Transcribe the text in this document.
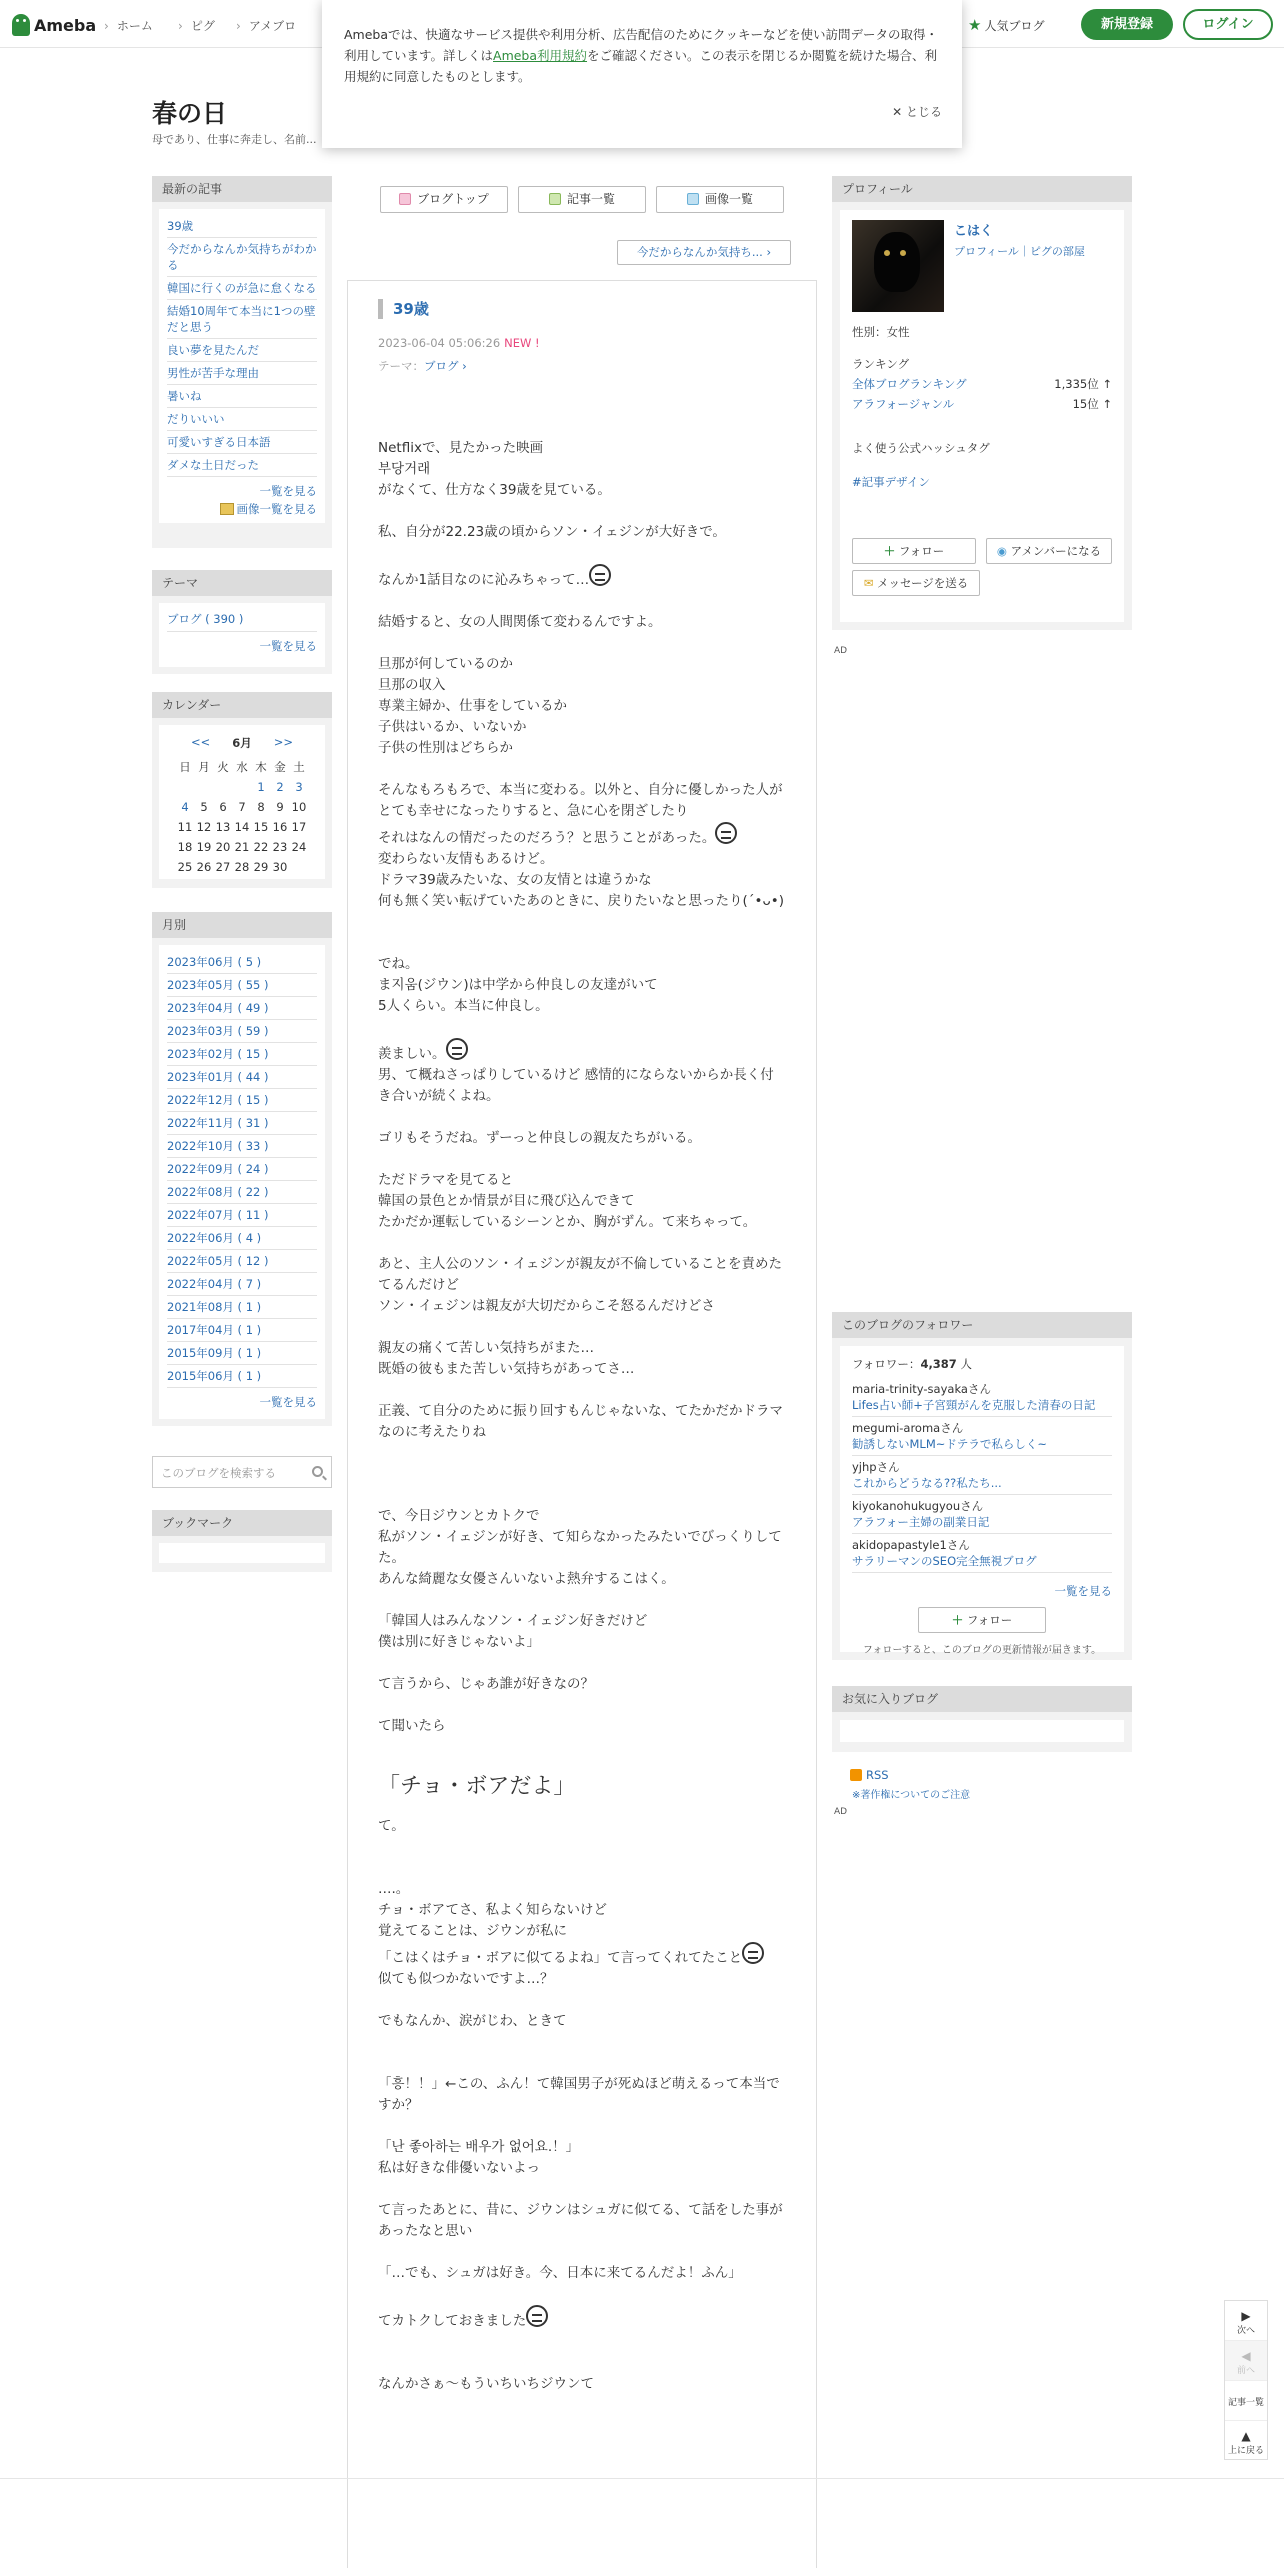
Ameba	› ホーム	› ピグ	› アメブロ	★ 人気ブログ	新規登録	ログイン
Amebaでは、快適なサービス提供や利用分析、広告配信のためにクッキーなどを使い訪問データの取得・利用しています。詳しくはAmeba利用規約をご確認ください。この表示を閉じるか閲覧を続けた場合、利用規約に同意したものとします。
✕ とじる
春の日
母であり、仕事に奔走し、名前...
最新の記事
39歳
今だからなんか気持ちがわかる
韓国に行くのが急に怠くなる
結婚10周年て本当に1つの壁だと思う
良い夢を見たんだ
男性が苦手な理由
暑いね
だりいいい
可愛いすぎる日本語
ダメな土日だった
一覧を見る
画像一覧を見る
テーマ
ブログ ( 390 )
一覧を見る
カレンダー
<< 6月 >>
日	月	火	水	木	金	土
				1	2	3
4	5	6	7	8	9	10
11	12	13	14	15	16	17
18	19	20	21	22	23	24
25	26	27	28	29	30	
月別
2023年06月 ( 5 )
2023年05月 ( 55 )
2023年04月 ( 49 )
2023年03月 ( 59 )
2023年02月 ( 15 )
2023年01月 ( 44 )
2022年12月 ( 15 )
2022年11月 ( 31 )
2022年10月 ( 33 )
2022年09月 ( 24 )
2022年08月 ( 22 )
2022年07月 ( 11 )
2022年06月 ( 4 )
2022年05月 ( 12 )
2022年04月 ( 7 )
2021年08月 ( 1 )
2017年04月 ( 1 )
2015年09月 ( 1 )
2015年06月 ( 1 )
一覧を見る
このブログを検索する
ブックマーク
ブログトップ	記事一覧	画像一覧
今だからなんか気持ち... ›
39歳
2023-06-04 05:06:26 NEW !
テーマ：ブログ ›

Netflixで、見たかった映画

부당거래

がなくて、仕方なく39歳を見ている。

私、自分が22.23歳の頃からソン・イェジンが大好きで。

なんか1話目なのに沁みちゃって…

結婚すると、女の人間関係て変わるんですよ。

旦那が何しているのか

旦那の収入

専業主婦か、仕事をしているか

子供はいるか、いないか

子供の性別はどちらか

そんなもろもろで、本当に変わる。以外と、自分に優しかった人が

とても幸せになったりすると、急に心を閉ざしたり

それはなんの情だったのだろう？と思うことがあった。

変わらない友情もあるけど。

ドラマ39歳みたいな、女の友情とは違うかな

何も無く笑い転げていたあのときに、戻りたいなと思ったり(´•ᴗ•)

でね。

ま지움(ジウン)は中学から仲良しの友達がいて

5人くらい。本当に仲良し。

羨ましい。

男、て概ねさっぱりしているけど 感情的にならないからか長く付き合いが続くよね。

ゴリもそうだね。ずーっと仲良しの親友たちがいる。

ただドラマを見てると

韓国の景色とか情景が目に飛び込んできて

たかだか運転しているシーンとか、胸がずん。て来ちゃって。

あと、主人公のソン・イェジンが親友が不倫していることを責めたてるんだけど

ソン・イェジンは親友が大切だからこそ怒るんだけどさ

親友の痛くて苦しい気持ちがまた…

既婚の彼もまた苦しい気持ちがあってさ…

正義、て自分のために振り回すもんじゃないな、てたかだかドラマなのに考えたりね

で、今日ジウンとカトクで

私がソン・イェジンが好き、て知らなかったみたいでびっくりしてた。

あんな綺麗な女優さんいないよ熱弁するこはく。

「韓国人はみんなソン・イェジン好きだけど

僕は別に好きじゃないよ」

て言うから、じゃあ誰が好きなの？

て聞いたら

「チョ・ボアだよ」

て。

….。

チョ・ボアてさ、私よく知らないけど

覚えてることは、ジウンが私に

「こはくはチョ・ボアに似てるよね」て言ってくれてたこと

似ても似つかないですよ…？

でもなんか、涙がじわ、ときて

「흥！！」←この、ふん！て韓国男子が死ぬほど萌えるって本当ですか？

「난 좋아하는 배우가 없어요.！」

私は好きな俳優いないよっ

て言ったあとに、昔に、ジウンはシュガに似てる、て話をした事があったなと思い

「…でも、シュガは好き。今、日本に来てるんだよ！ふん」

てカトクしておきました

なんかさぁ〜もういちいちジウンて

プロフィール
こはく
プロフィール｜ピグの部屋
性別：女性
ランキング
全体ブログランキング	1,335位 ↑
アラフォージャンル	15位 ↑
よく使う公式ハッシュタグ
#記事デザイン
＋ フォロー	◉ アメンバーになる
✉ メッセージを送る
AD
このブログのフォロワー
フォロワー：4,387 人
maria-trinity-sayakaさん
Lifes占い師+子宮頸がんを克服した清春の日記
megumi-aromaさん
勧誘しないMLM~ドテラで私らしく~
yjhpさん
これからどうなる??私たち...
kiyokanohukugyouさん
アラフォー主婦の副業日記
akidopapastyle1さん
サラリーマンのSEO完全無視ブログ
一覧を見る
＋ フォロー
フォローすると、このブログの更新情報が届きます。
お気に入りブログ
RSS
※著作権についてのご注意
AD
▶
次へ
◀
前へ
記事一覧
▲
上に戻る
